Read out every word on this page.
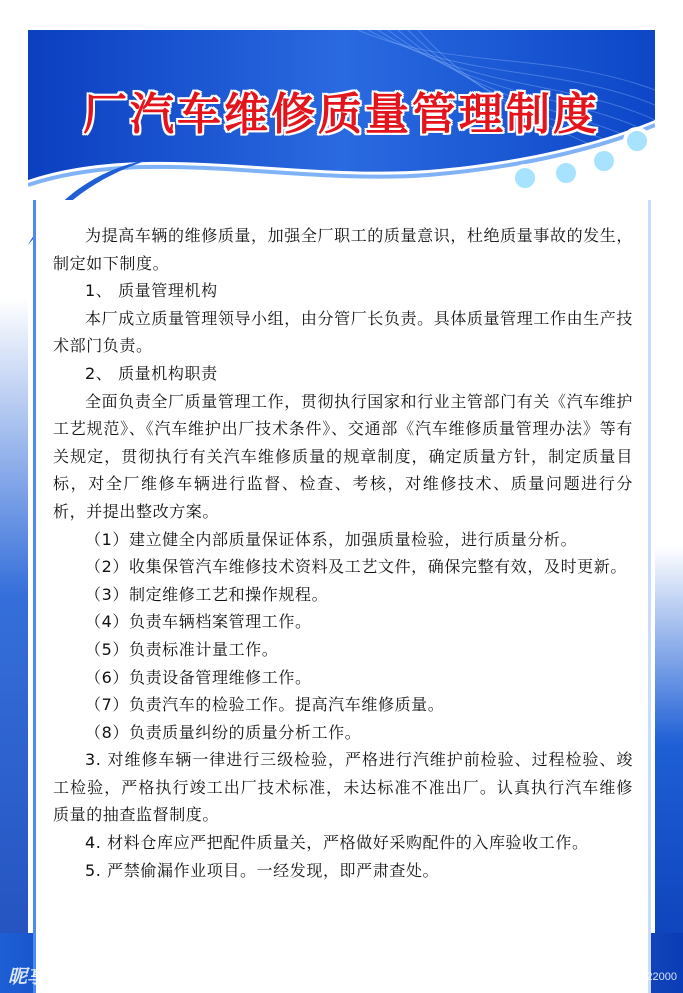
厂汽车维修质量管理制度

为提高车辆的维修质量，加强全厂职工的质量意识，杜绝质量事故的发生，制定如下制度。

1、 质量管理机构

本厂成立质量管理领导小组，由分管厂长负责。具体质量管理工作由生产技术部门负责。

2、 质量机构职责

全面负责全厂质量管理工作，贯彻执行国家和行业主管部门有关《汽车维护工艺规范》、《汽车维护出厂技术条件》、交通部《汽车维修质量管理办法》等有关规定，贯彻执行有关汽车维修质量的规章制度，确定质量方针，制定质量目标，对全厂维修车辆进行监督、检查、考核，对维修技术、质量问题进行分析，并提出整改方案。

（1）建立健全内部质量保证体系，加强质量检验，进行质量分析。

（2）收集保管汽车维修技术资料及工艺文件，确保完整有效，及时更新。

（3）制定维修工艺和操作规程。

（4）负责车辆档案管理工作。

（5）负责标准计量工作。

（6）负责设备管理维修工作。

（7）负责汽车的检验工作。提高汽车维修质量。

（8）负责质量纠纷的质量分析工作。

3. 对维修车辆一律进行三级检验，严格进行汽维护前检验、过程检验、竣工检验，严格执行竣工出厂技术标准，未达标准不准出厂。认真执行汽车维修质量的抽查监督制度。

4. 材料仓库应严把配件质量关，严格做好采购配件的入库验收工作。

5. 严禁偷漏作业项目。一经发现，即严肃查处。

昵享网	www.nipic.com	ID:19664370 NO:20141008141522422000
